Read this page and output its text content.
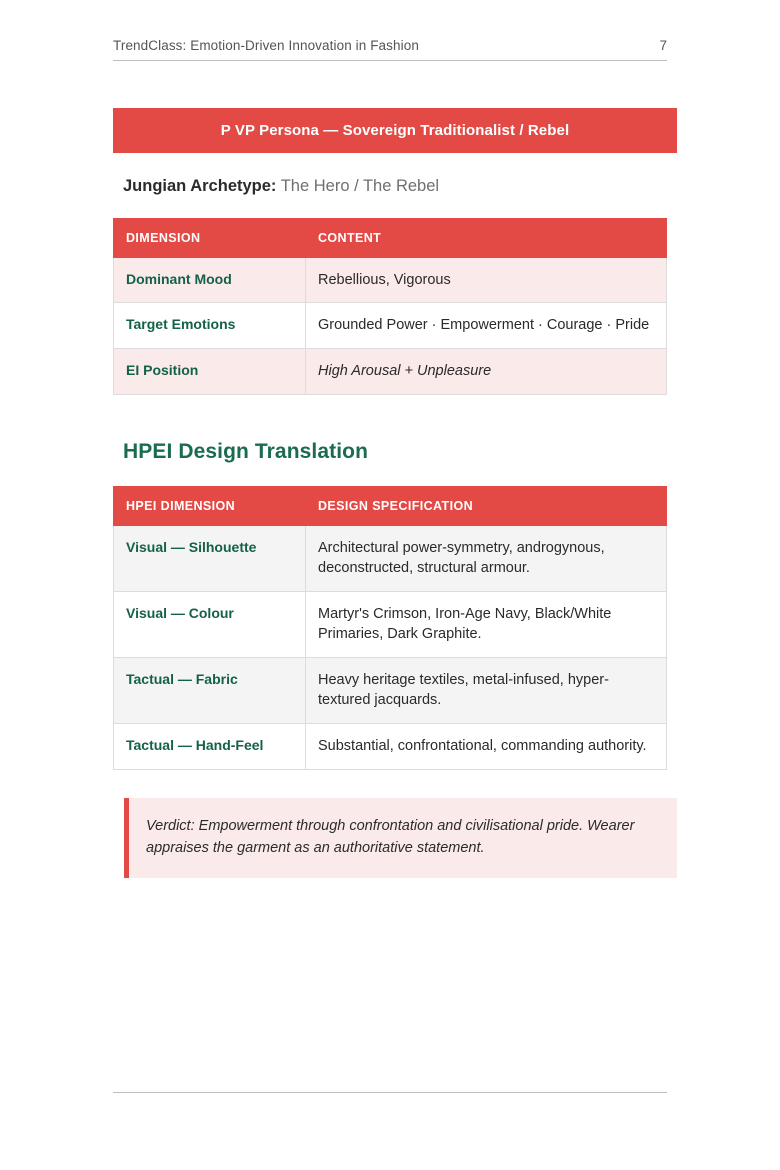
TrendClass: Emotion-Driven Innovation in Fashion	7
P VP Persona — Sovereign Traditionalist / Rebel
Jungian Archetype: The Hero / The Rebel
DIMENSION	CONTENT
Dominant Mood	Rebellious, Vigorous
Target Emotions	Grounded Power · Empowerment · Courage · Pride
EI Position	High Arousal + Unpleasure
HPEI Design Translation
HPEI DIMENSION	DESIGN SPECIFICATION
Visual — Silhouette	Architectural power-symmetry, androgynous, deconstructed, structural armour.
Visual — Colour	Martyr's Crimson, Iron-Age Navy, Black/White Primaries, Dark Graphite.
Tactual — Fabric	Heavy heritage textiles, metal-infused, hyper-textured jacquards.
Tactual — Hand-Feel	Substantial, confrontational, commanding authority.
Verdict: Empowerment through confrontation and civilisational pride. Wearer appraises the garment as an authoritative statement.
